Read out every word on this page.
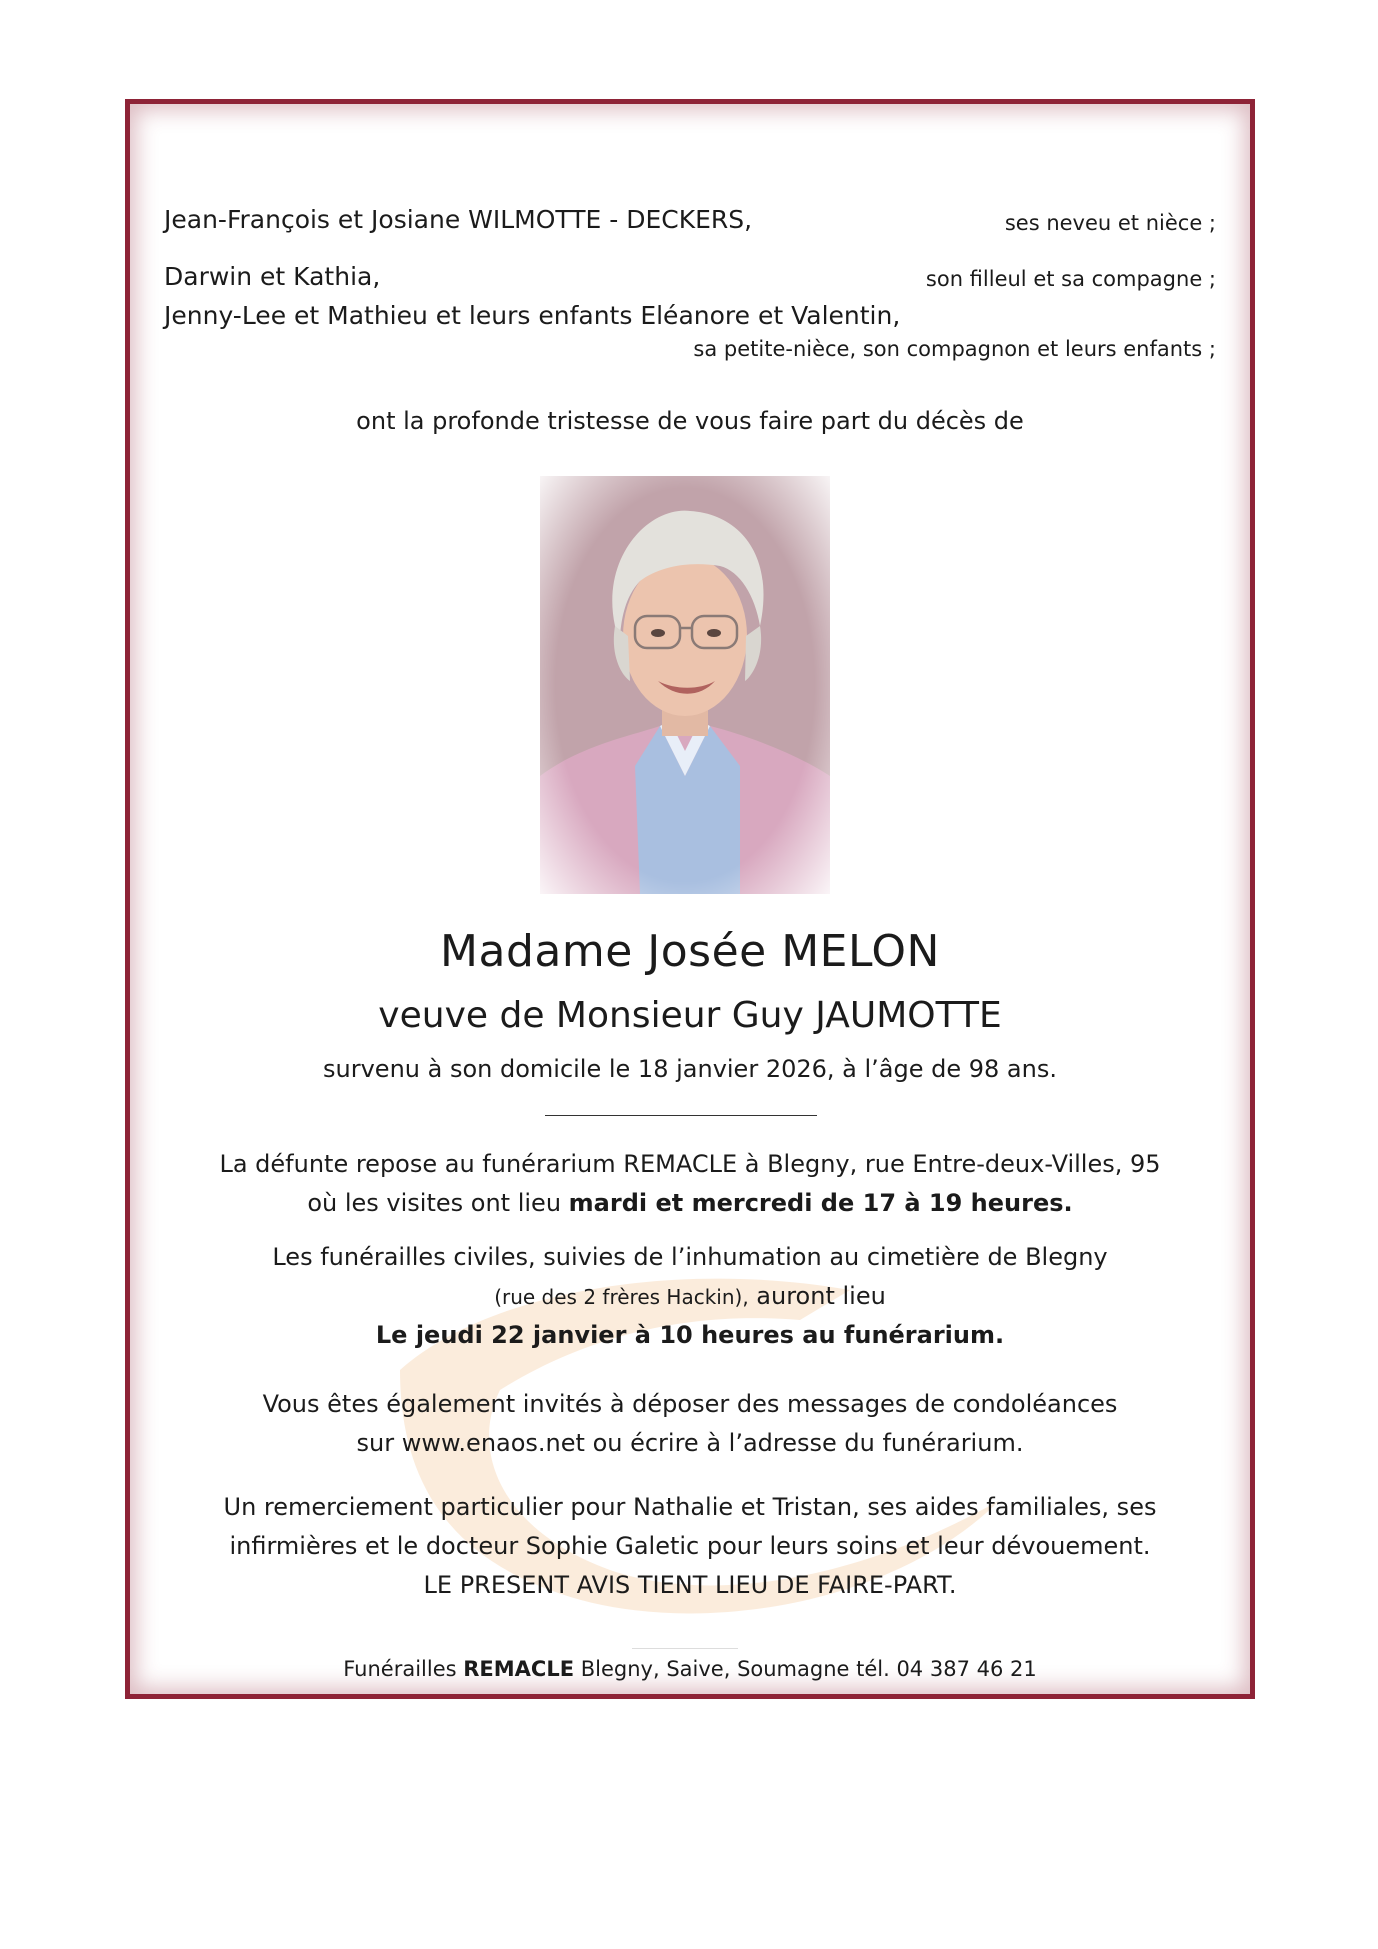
Jean-François et Josiane WILMOTTE - DECKERS,	ses neveu et nièce ;
Darwin et Kathia,	son filleul et sa compagne ;
Jenny-Lee et Mathieu et leurs enfants Eléanore et Valentin,
sa petite-nièce, son compagnon et leurs enfants ;
ont la profonde tristesse de vous faire part du décès de
Madame Josée MELON
veuve de Monsieur Guy JAUMOTTE
survenu à son domicile le 18 janvier 2026, à l’âge de 98 ans.
La défunte repose au funérarium REMACLE à Blegny, rue Entre-deux-Villes, 95
où les visites ont lieu mardi et mercredi de 17 à 19 heures.
Les funérailles civiles, suivies de l’inhumation au cimetière de Blegny
(rue des 2 frères Hackin), auront lieu
Le jeudi 22 janvier à 10 heures au funérarium.
Vous êtes également invités à déposer des messages de condoléances
sur www.enaos.net ou écrire à l’adresse du funérarium.
Un remerciement particulier pour Nathalie et Tristan, ses aides familiales, ses
infirmières et le docteur Sophie Galetic pour leurs soins et leur dévouement.
LE PRESENT AVIS TIENT LIEU DE FAIRE-PART.
Funérailles REMACLE Blegny, Saive, Soumagne tél. 04 387 46 21
